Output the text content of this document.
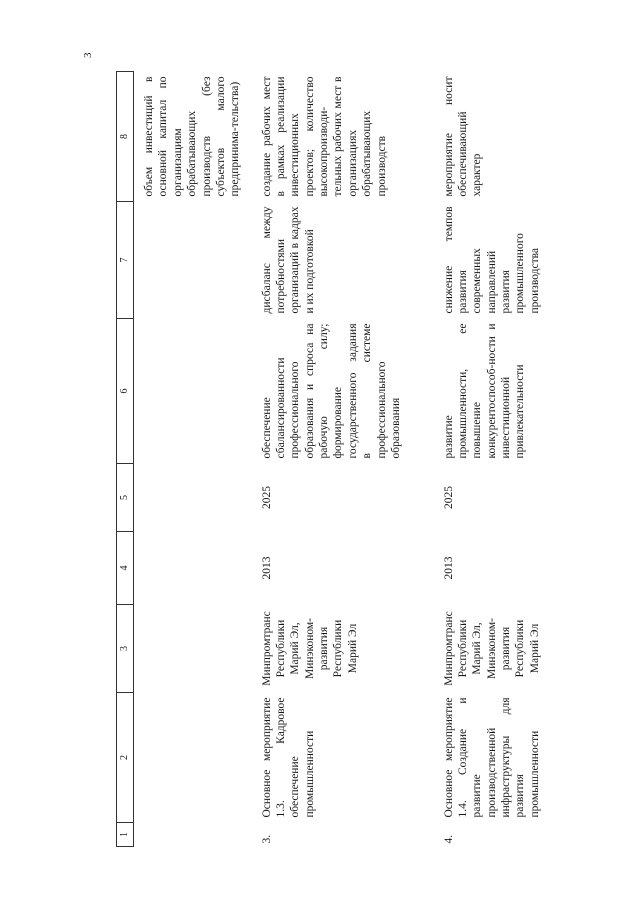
3
1	2	3	4	5	6	7	8
							объем инвестиций в основной капитал по организациям обрабатывающих производств (без субъектов малого предпринима-тельства)
3.	Основное мероприятие 1.3. Кадровое обеспечение промышленности	Минпромтранс Республики Марий Эл, Минэконом-развития Республики Марий Эл	2013	2025	обеспечение сбалансированности профессионального образования и спроса на рабочую силу; формирование государственного задания в системе профессионального образования	дисбаланс между потребностями организаций в кадрах и их подготовкой	создание рабочих мест в рамках реализации инвестиционных проектов; количество высокопроизводи-тельных рабочих мест в организациях обрабатывающих производств
4.	Основное мероприятие 1.4. Создание и развитие производственной инфраструктуры для развития промышленности	Минпромтранс Республики Марий Эл, Минэконом-развития Республики Марий Эл	2013	2025	развитие промышленности, ее повышение конкурентоспособ-ности и инвестиционной привлекательности	снижение темпов развития современных направлений развития промышленного производства	мероприятие носит обеспечивающий характер
